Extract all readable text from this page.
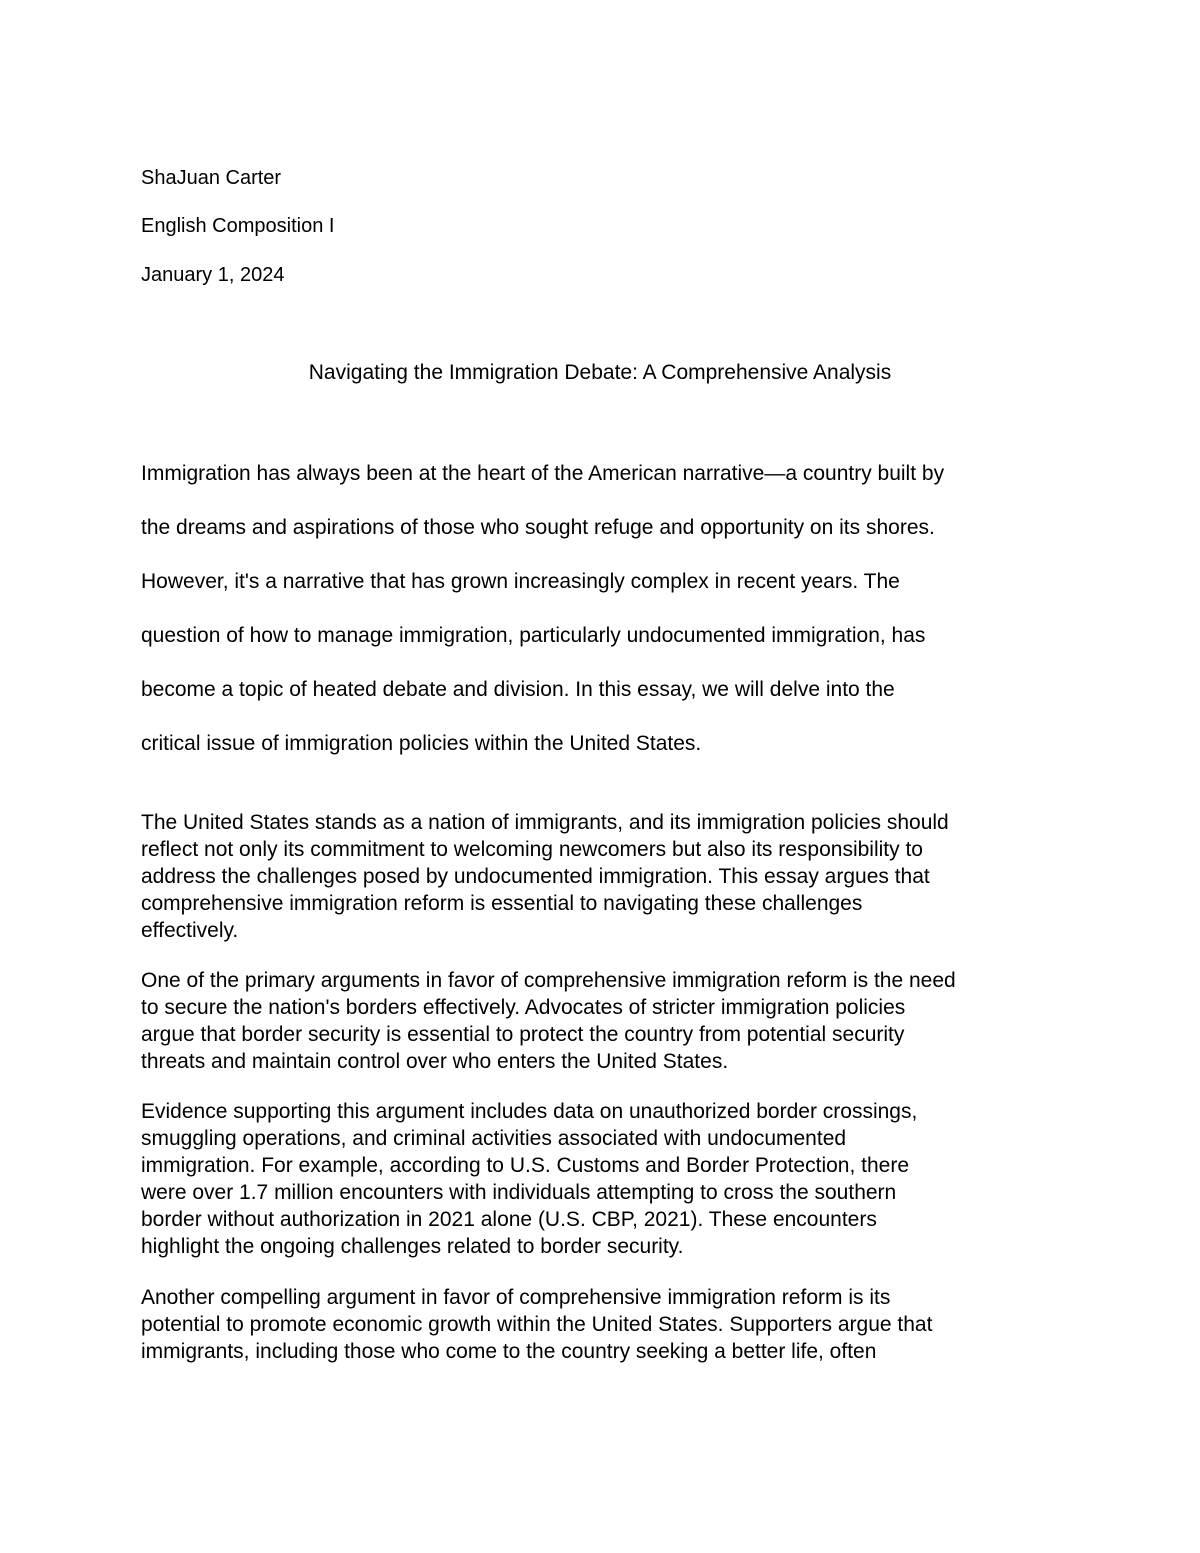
ShaJuan Carter

English Composition I

January 1, 2024

Navigating the Immigration Debate: A Comprehensive Analysis

Immigration has always been at the heart of the American narrative—a country built by

the dreams and aspirations of those who sought refuge and opportunity on its shores.

However, it's a narrative that has grown increasingly complex in recent years. The

question of how to manage immigration, particularly undocumented immigration, has

become a topic of heated debate and division. In this essay, we will delve into the

critical issue of immigration policies within the United States.

The United States stands as a nation of immigrants, and its immigration policies should
reflect not only its commitment to welcoming newcomers but also its responsibility to
address the challenges posed by undocumented immigration. This essay argues that
comprehensive immigration reform is essential to navigating these challenges
effectively.
One of the primary arguments in favor of comprehensive immigration reform is the need
to secure the nation's borders effectively. Advocates of stricter immigration policies
argue that border security is essential to protect the country from potential security
threats and maintain control over who enters the United States.
Evidence supporting this argument includes data on unauthorized border crossings,
smuggling operations, and criminal activities associated with undocumented
immigration. For example, according to U.S. Customs and Border Protection, there
were over 1.7 million encounters with individuals attempting to cross the southern
border without authorization in 2021 alone (U.S. CBP, 2021). These encounters
highlight the ongoing challenges related to border security.
Another compelling argument in favor of comprehensive immigration reform is its
potential to promote economic growth within the United States. Supporters argue that
immigrants, including those who come to the country seeking a better life, often
